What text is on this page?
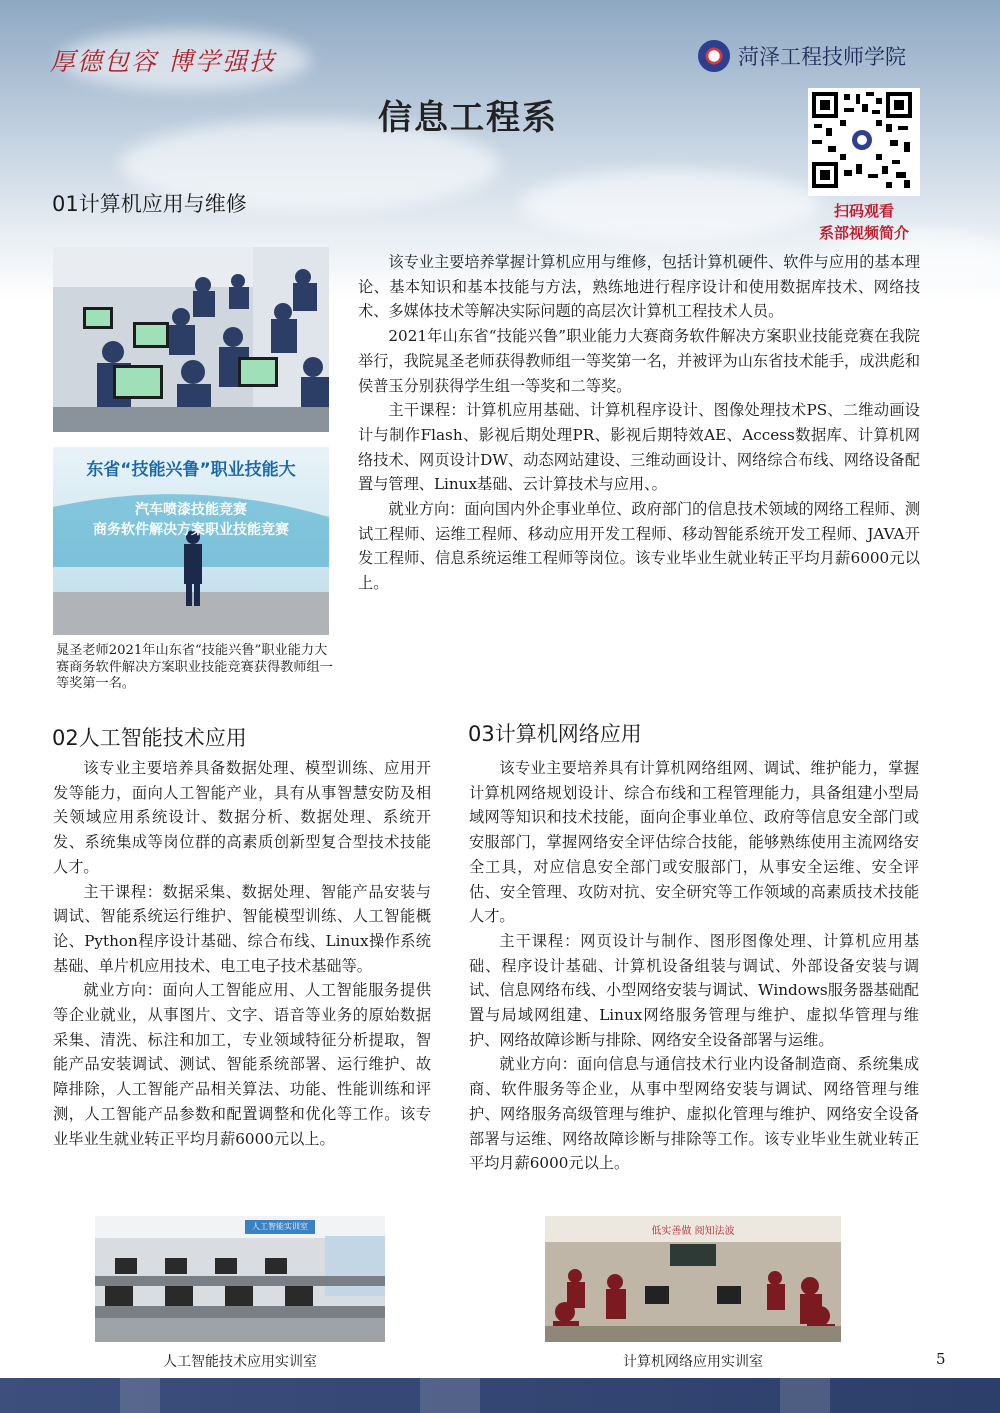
厚德包容 博学强技	菏泽工程技师学院
信息工程系
扫码观看
系部视频简介
01计算机应用与维修
东省“技能兴鲁”职业技能大
汽车喷漆技能竞赛
商务软件解决方案职业技能竞赛
晁圣老师2021年山东省“技能兴鲁”职业能力大赛商务软件解决方案职业技能竞赛获得教师组一等奖第一名。

该专业主要培养掌握计算机应用与维修，包括计算机硬件、软件与应用的基本理论、基本知识和基本技能与方法，熟练地进行程序设计和使用数据库技术、网络技术、多媒体技术等解决实际问题的高层次计算机工程技术人员。

2021年山东省“技能兴鲁”职业能力大赛商务软件解决方案职业技能竞赛在我院举行，我院晁圣老师获得教师组一等奖第一名，并被评为山东省技术能手，成洪彪和侯普玉分别获得学生组一等奖和二等奖。

主干课程：计算机应用基础、计算机程序设计、图像处理技术PS、二维动画设计与制作Flash、影视后期处理PR、影视后期特效AE、Access数据库、计算机网络技术、网页设计DW、动态网站建设、三维动画设计、网络综合布线、网络设备配置与管理、Linux基础、云计算技术与应用、。

就业方向：面向国内外企事业单位、政府部门的信息技术领域的网络工程师、测试工程师、运维工程师、移动应用开发工程师、移动智能系统开发工程师、JAVA开发工程师、信息系统运维工程师等岗位。该专业毕业生就业转正平均月薪6000元以上。

02人工智能技术应用

该专业主要培养具备数据处理、模型训练、应用开发等能力，面向人工智能产业，具有从事智慧安防及相关领域应用系统设计、数据分析、数据处理、系统开发、系统集成等岗位群的高素质创新型复合型技术技能人才。

主干课程：数据采集、数据处理、智能产品安装与调试、智能系统运行维护、智能模型训练、人工智能概论、Python程序设计基础、综合布线、Linux操作系统基础、单片机应用技术、电工电子技术基础等。

就业方向：面向人工智能应用、人工智能服务提供等企业就业，从事图片、文字、语音等业务的原始数据采集、清洗、标注和加工，专业领域特征分析提取，智能产品安装调试、测试、智能系统部署、运行维护、故障排除，人工智能产品相关算法、功能、性能训练和评测，人工智能产品参数和配置调整和优化等工作。该专业毕业生就业转正平均月薪6000元以上。

人工智能实训室
人工智能技术应用实训室
03计算机网络应用

该专业主要培养具有计算机网络组网、调试、维护能力，掌握计算机网络规划设计、综合布线和工程管理能力，具备组建小型局域网等知识和技术技能，面向企事业单位、政府等信息安全部门或安服部门，掌握网络安全评估综合技能，能够熟练使用主流网络安全工具，对应信息安全部门或安服部门，从事安全运维、安全评估、安全管理、攻防对抗、安全研究等工作领域的高素质技术技能人才。

主干课程：网页设计与制作、图形图像处理、计算机应用基础、程序设计基础、计算机设备组装与调试、外部设备安装与调试、信息网络布线、小型网络安装与调试、Windows服务器基础配置与局域网组建、Linux网络服务管理与维护、虚拟华管理与维护、网络故障诊断与排除、网络安全设备部署与运维。

就业方向：面向信息与通信技术行业内设备制造商、系统集成商、软件服务等企业，从事中型网络安装与调试、网络管理与维护、网络服务高级管理与维护、虚拟化管理与维护、网络安全设备部署与运维、网络故障诊断与排除等工作。该专业毕业生就业转正平均月薪6000元以上。

低实善做 阅知法波
计算机网络应用实训室	5
